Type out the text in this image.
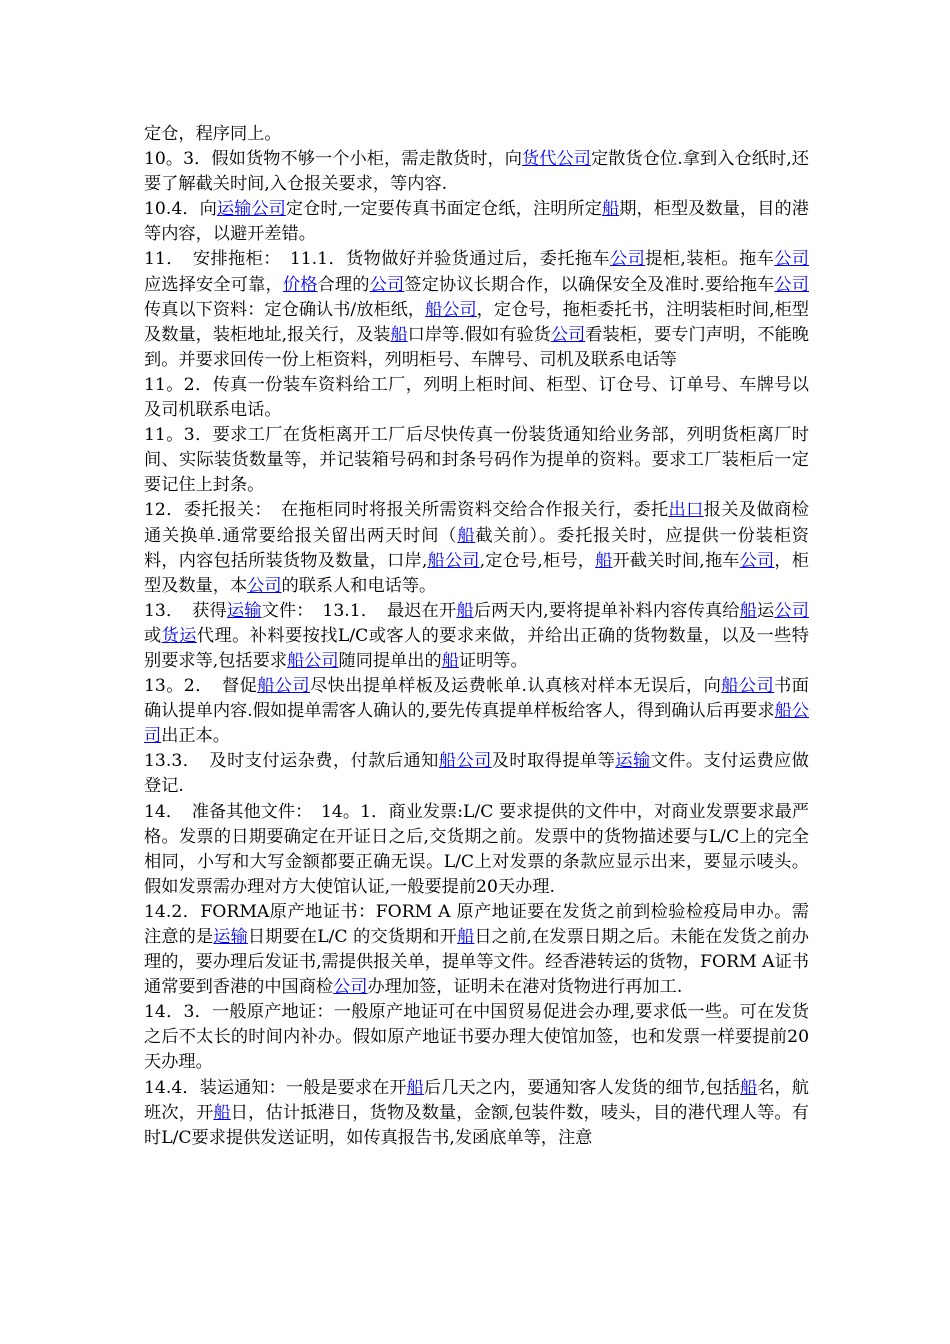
定仓，程序同上。

10。3．假如货物不够一个小柜，需走散货时，向货代公司定散货仓位.拿到入仓纸时,还要了解截关时间,入仓报关要求，等内容.

10.4．向运输公司定仓时,一定要传真书面定仓纸，注明所定船期，柜型及数量，目的港等内容，以避开差错。

11．　安排拖柜：　11.1．货物做好并验货通过后，委托拖车公司提柜,装柜。拖车公司应选择安全可靠，价格合理的公司签定协议长期合作，以确保安全及准时.要给拖车公司传真以下资料：定仓确认书/放柜纸，船公司，定仓号，拖柜委托书，注明装柜时间,柜型及数量，装柜地址,报关行，及装船口岸等.假如有验货公司看装柜，要专门声明，不能晚到。并要求回传一份上柜资料，列明柜号、车牌号、司机及联系电话等

11。2．传真一份装车资料给工厂，列明上柜时间、柜型、订仓号、订单号、车牌号以及司机联系电话。

11。3．要求工厂在货柜离开工厂后尽快传真一份装货通知给业务部，列明货柜离厂时间、实际装货数量等，并记装箱号码和封条号码作为提单的资料。要求工厂装柜后一定要记住上封条。

12．委托报关：　在拖柜同时将报关所需资料交给合作报关行，委托出口报关及做商检通关换单.通常要给报关留出两天时间（船截关前）。委托报关时，应提供一份装柜资料，内容包括所装货物及数量，口岸,船公司,定仓号,柜号，船开截关时间,拖车公司，柜型及数量，本公司的联系人和电话等。

13．　获得运输文件：　13.1．　最迟在开船后两天内,要将提单补料内容传真给船运公司或货运代理。补料要按找L/C或客人的要求来做，并给出正确的货物数量，以及一些特别要求等,包括要求船公司随同提单出的船证明等。

13。2．　督促船公司尽快出提单样板及运费帐单.认真核对样本无误后，向船公司书面确认提单内容.假如提单需客人确认的,要先传真提单样板给客人，得到确认后再要求船公司出正本。

13.3．　及时支付运杂费，付款后通知船公司及时取得提单等运输文件。支付运费应做登记.

14．　准备其他文件：　14。1．商业发票:L/C 要求提供的文件中，对商业发票要求最严格。发票的日期要确定在开证日之后,交货期之前。发票中的货物描述要与L/C上的完全相同，小写和大写金额都要正确无误。L/C上对发票的条款应显示出来，要显示唛头。假如发票需办理对方大使馆认证,一般要提前20天办理.

14.2．FORMA原产地证书：FORM A 原产地证要在发货之前到检验检疫局申办。需注意的是运输日期要在L/C 的交货期和开船日之前,在发票日期之后。未能在发货之前办理的，要办理后发证书,需提供报关单，提单等文件。经香港转运的货物，FORM A证书通常要到香港的中国商检公司办理加签，证明未在港对货物进行再加工.

14．3．一般原产地证：一般原产地证可在中国贸易促进会办理,要求低一些。可在发货之后不太长的时间内补办。假如原产地证书要办理大使馆加签，也和发票一样要提前20天办理。

14.4．装运通知：一般是要求在开船后几天之内，要通知客人发货的细节,包括船名，航班次，开船日，估计抵港日，货物及数量，金额,包装件数，唛头，目的港代理人等。有时L/C要求提供发送证明，如传真报告书,发函底单等，注意
